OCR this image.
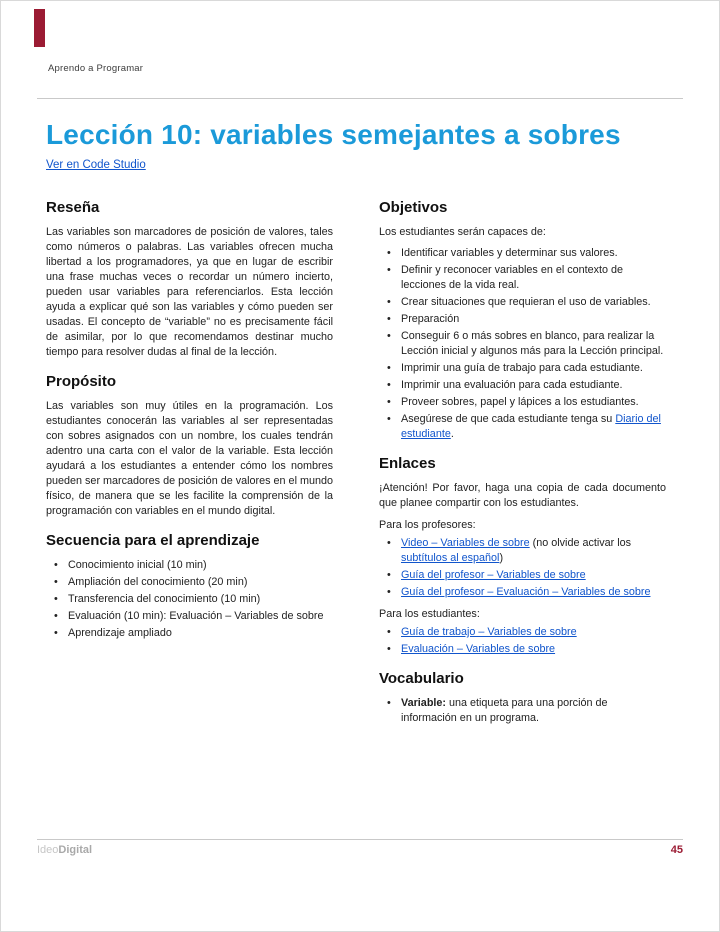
Aprendo a Programar
Lección 10: variables semejantes a sobres
Ver en Code Studio
Reseña

Las variables son marcadores de posición de valores, tales como números o palabras. Las variables ofrecen mucha libertad a los programadores, ya que en lugar de escribir una frase muchas veces o recordar un número incierto, pueden usar variables para referenciarlos. Esta lección ayuda a explicar qué son las variables y cómo pueden ser usadas. El concepto de “variable” no es precisamente fácil de asimilar, por lo que recomendamos destinar mucho tiempo para resolver dudas al final de la lección.

Propósito

Las variables son muy útiles en la programación. Los estudiantes conocerán las variables al ser representadas con sobres asignados con un nombre, los cuales tendrán adentro una carta con el valor de la variable. Esta lección ayudará a los estudiantes a entender cómo los nombres pueden ser marcadores de posición de valores en el mundo físico, de manera que se les facilite la comprensión de la programación con variables en el mundo digital.

Secuencia para el aprendizaje
• Conocimiento inicial (10 min)
• Ampliación del conocimiento (20 min)
• Transferencia del conocimiento (10 min)
• Evaluación (10 min): Evaluación – Variables de sobre
• Aprendizaje ampliado
Objetivos

Los estudiantes serán capaces de:

• Identificar variables y determinar sus valores.
• Definir y reconocer variables en el contexto de lecciones de la vida real.
• Crear situaciones que requieran el uso de variables.
• Preparación
• Conseguir 6 o más sobres en blanco, para realizar la Lección inicial y algunos más para la Lección principal.
• Imprimir una guía de trabajo para cada estudiante.
• Imprimir una evaluación para cada estudiante.
• Proveer sobres, papel y lápices a los estudiantes.
• Asegúrese de que cada estudiante tenga su Diario del estudiante.
Enlaces

¡Atención! Por favor, haga una copia de cada documento que planee compartir con los estudiantes.

Para los profesores:
• Video – Variables de sobre (no olvide activar los subtítulos al español)
• Guía del profesor – Variables de sobre
• Guía del profesor – Evaluación – Variables de sobre
Para los estudiantes:
• Guía de trabajo – Variables de sobre
• Evaluación – Variables de sobre
Vocabulario
• Variable: una etiqueta para una porción de información en un programa.
IdeoDigital	45
